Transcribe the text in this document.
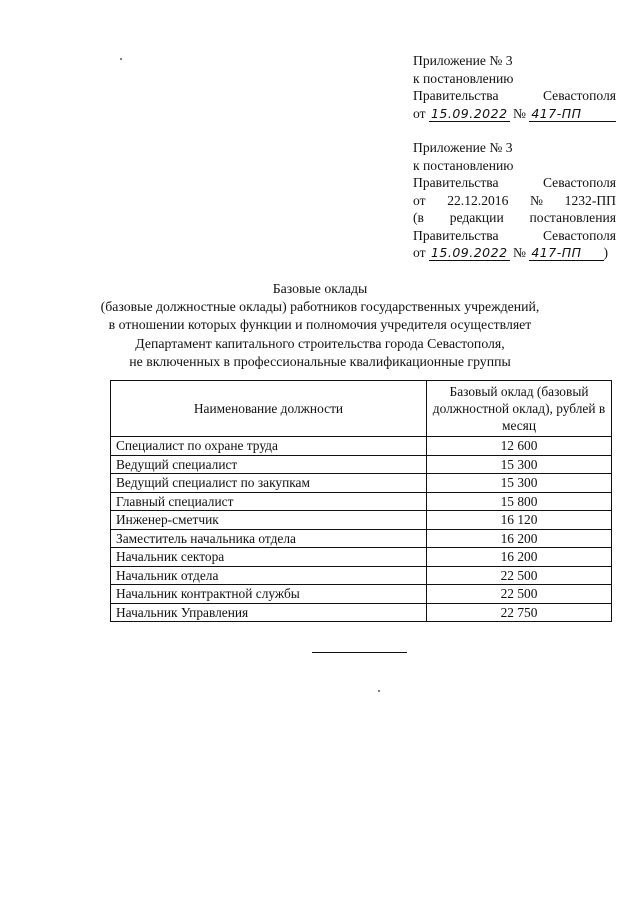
Приложение № 3
к постановлению
Правительства	Севастополя
от 15.09.2022 № 417-ПП
Приложение № 3
к постановлению
Правительства	Севастополя
от 22.12.2016 № 1232-ПП
(в редакции постановления
Правительства	Севастополя
от 15.09.2022 № 417-ПП )
Базовые оклады
(базовые должностные оклады) работников государственных учреждений,
в отношении которых функции и полномочия учредителя осуществляет
Департамент капитального строительства города Севастополя,
не включенных в профессиональные квалификационные группы
Наименование должности	Базовый оклад (базовый должностной оклад), рублей в месяц
Специалист по охране труда	12 600
Ведущий специалист	15 300
Ведущий специалист по закупкам	15 300
Главный специалист	15 800
Инженер-сметчик	16 120
Заместитель начальника отдела	16 200
Начальник сектора	16 200
Начальник отдела	22 500
Начальник контрактной службы	22 500
Начальник Управления	22 750
